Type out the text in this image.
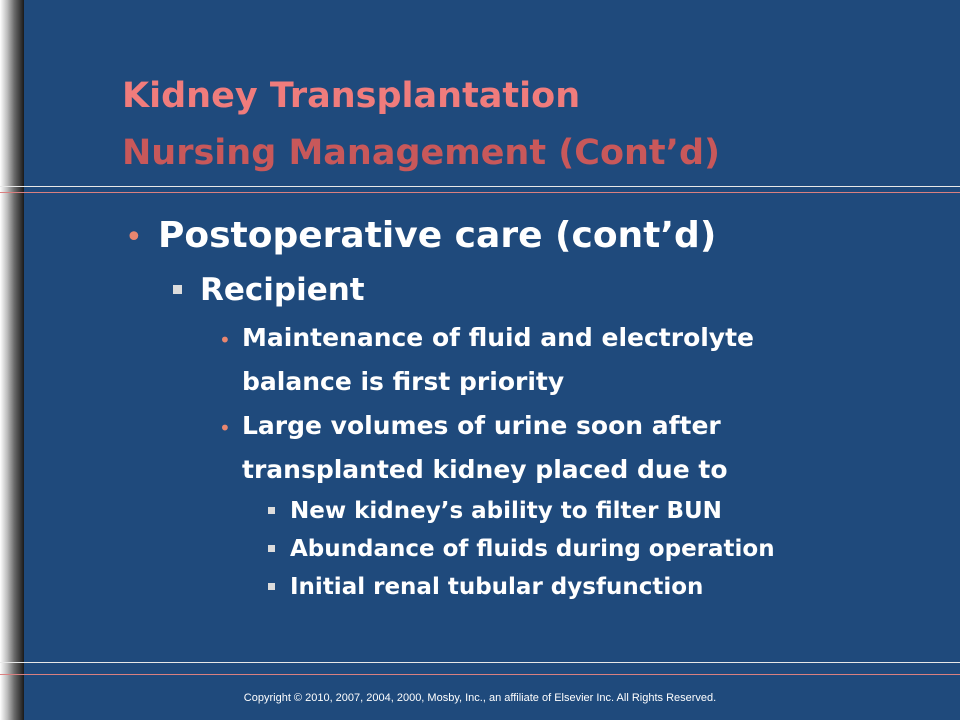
Kidney Transplantation
Nursing Management (Cont’d)
• Postoperative care (cont’d)
Recipient
• Maintenance of fluid and electrolyte
balance is first priority
• Large volumes of urine soon after
transplanted kidney placed due to
New kidney’s ability to filter BUN
Abundance of fluids during operation
Initial renal tubular dysfunction
Copyright © 2010, 2007, 2004, 2000, Mosby, Inc., an affiliate of Elsevier Inc. All Rights Reserved.
